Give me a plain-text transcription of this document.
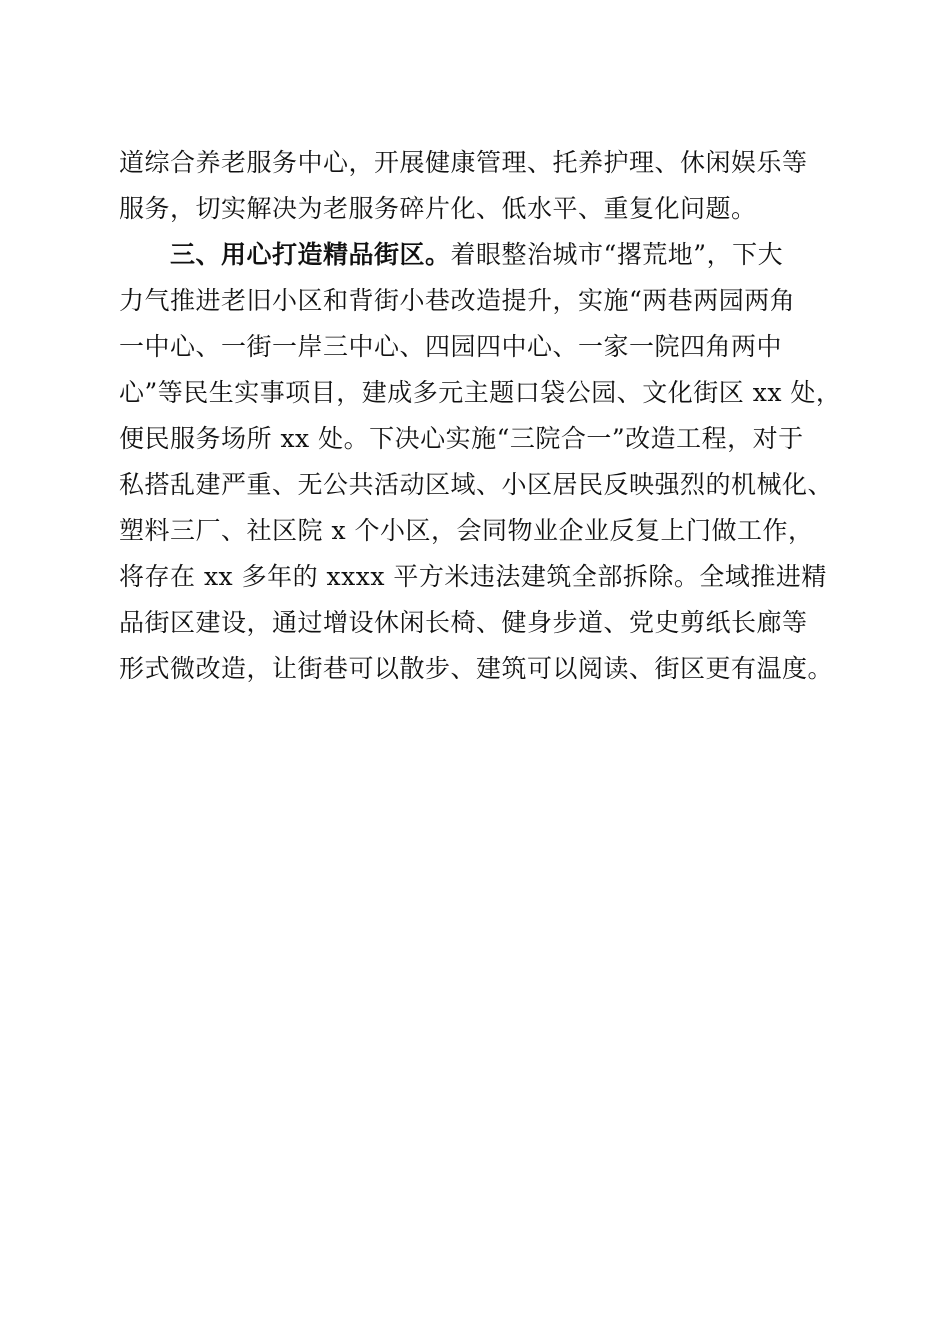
道综合养老服务中心，开展健康管理、托养护理、休闲娱乐等
服务，切实解决为老服务碎片化、低水平、重复化问题。
三、用心打造精品街区。着眼整治城市“撂荒地”，下大
力气推进老旧小区和背街小巷改造提升，实施“两巷两园两角
一中心、一街一岸三中心、四园四中心、一家一院四角两中
心”等民生实事项目，建成多元主题口袋公园、文化街区 xx 处，
便民服务场所 xx 处。下决心实施“三院合一”改造工程，对于
私搭乱建严重、无公共活动区域、小区居民反映强烈的机械化、
塑料三厂、社区院 x 个小区，会同物业企业反复上门做工作，
将存在 xx 多年的 xxxx 平方米违法建筑全部拆除。全域推进精
品街区建设，通过增设休闲长椅、健身步道、党史剪纸长廊等
形式微改造，让街巷可以散步、建筑可以阅读、街区更有温度。
